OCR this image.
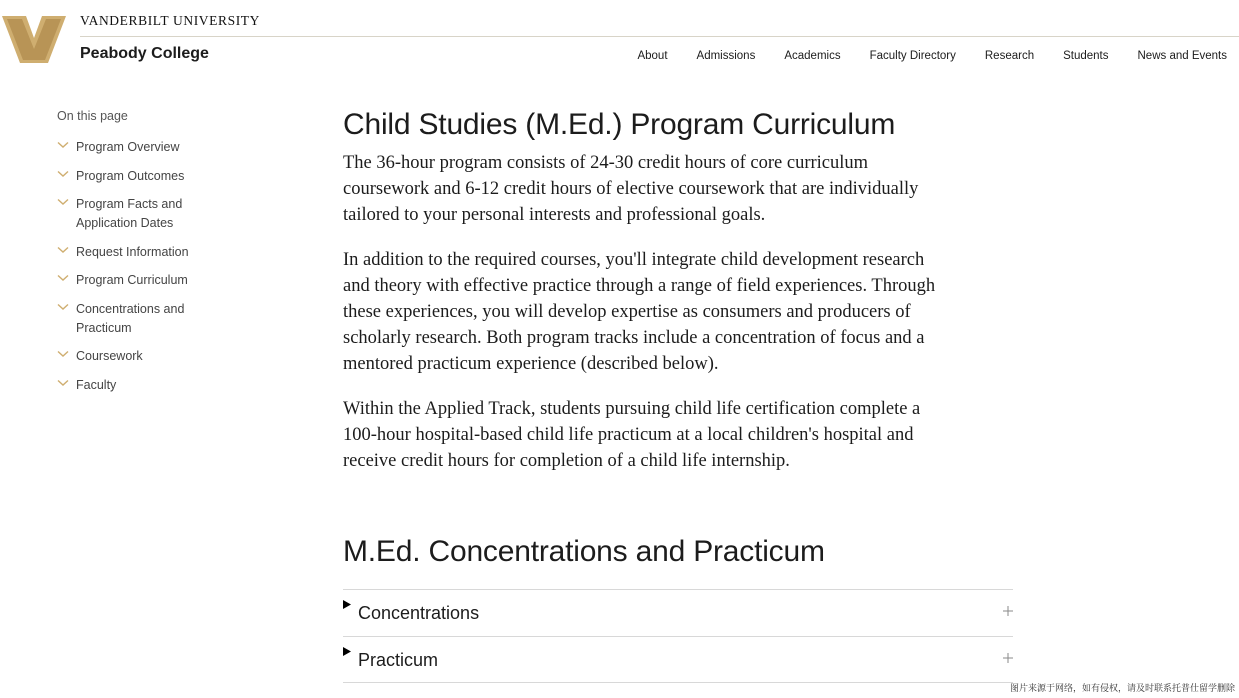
VANDERBILT UNIVERSITY
Peabody College	About	Admissions	Academics	Faculty Directory	Research	Students	News and Events
On this page
Program Overview
Program Outcomes
Program Facts and
Application Dates
Request Information
Program Curriculum
Concentrations and
Practicum
Coursework
Faculty
Child Studies (M.Ed.) Program Curriculum
The 36-hour program consists of 24-30 credit hours of core curriculum
coursework and 6-12 credit hours of elective coursework that are individually
tailored to your personal interests and professional goals.
In addition to the required courses, you'll integrate child development research
and theory with effective practice through a range of field experiences. Through
these experiences, you will develop expertise as consumers and producers of
scholarly research. Both program tracks include a concentration of focus and a
mentored practicum experience (described below).
Within the Applied Track, students pursuing child life certification complete a
100-hour hospital-based child life practicum at a local children's hospital and
receive credit hours for completion of a child life internship.
M.Ed. Concentrations and Practicum
Concentrations
Practicum
图片来源于网络，如有侵权，请及时联系托普仕留学删除
